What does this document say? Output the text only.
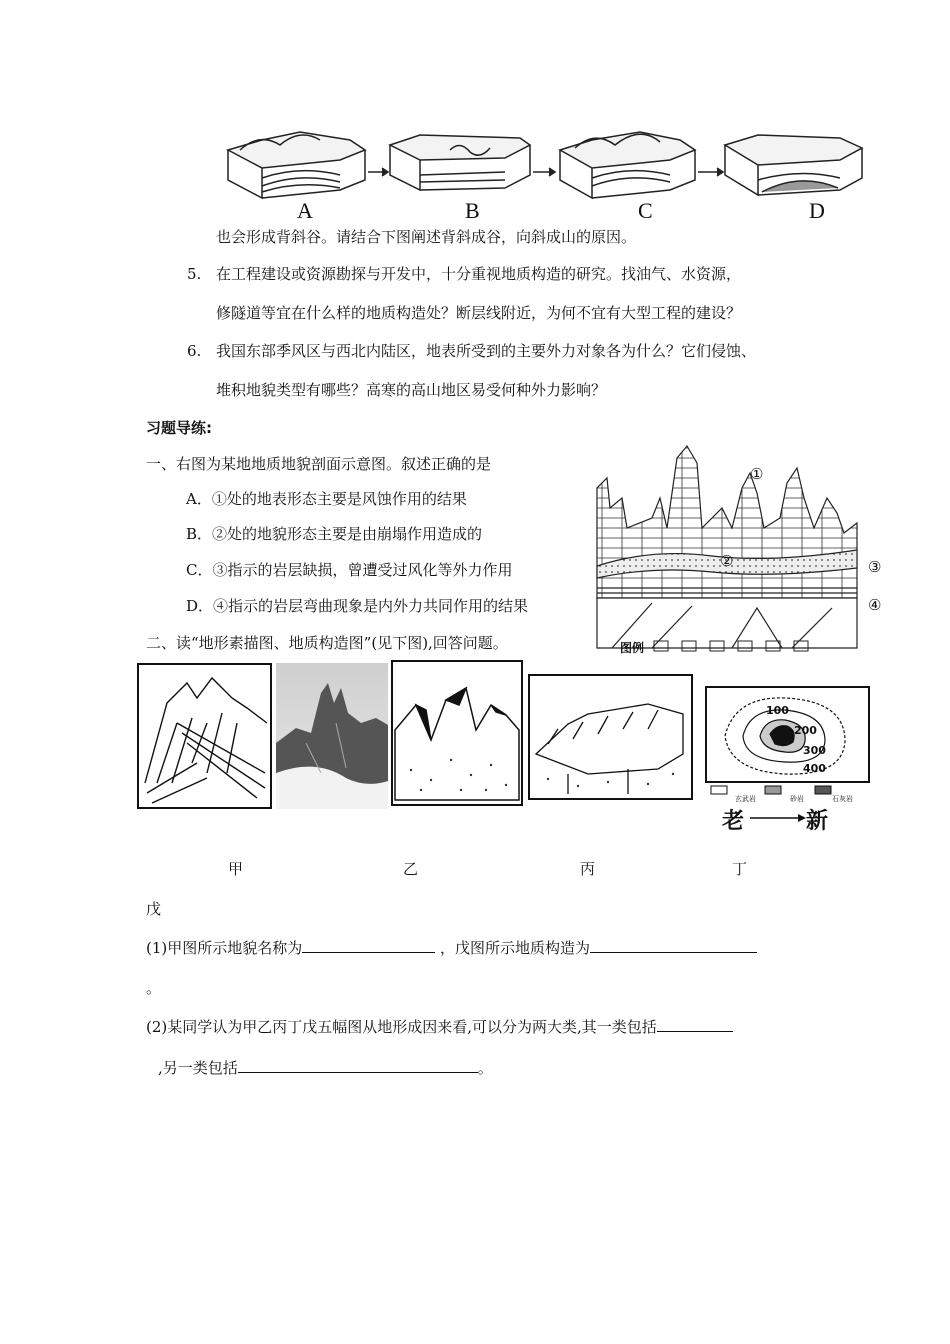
A	B	C	D
也会形成背斜谷。请结合下图阐述背斜成谷，向斜成山的原因。
5. 在工程建设或资源勘探与开发中，十分重视地质构造的研究。找油气、水资源，
修隧道等宜在什么样的地质构造处？断层线附近，为何不宜有大型工程的建设？
6. 我国东部季风区与西北内陆区，地表所受到的主要外力对象各为什么？它们侵蚀、
堆积地貌类型有哪些？高寒的高山地区易受何种外力影响？
习题导练:
一、右图为某地地质地貌剖面示意图。叙述正确的是
A．①处的地表形态主要是风蚀作用的结果
B．②处的地貌形态主要是由崩塌作用造成的
C．③指示的岩层缺损，曾遭受过风化等外力作用
D．④指示的岩层弯曲现象是内外力共同作用的结果
二、读“地形素描图、地质构造图”(见下图),回答问题。
①
②	③
④
图例
100
200
300
400
玄武岩	砂岩	石灰岩
老	新
甲	乙	丙	丁
戊
(1)甲图所示地貌名称为	，戊图所示地质构造为
。
(2)某同学认为甲乙丙丁戊五幅图从地形成因来看,可以分为两大类,其一类包括
,另一类包括	。
